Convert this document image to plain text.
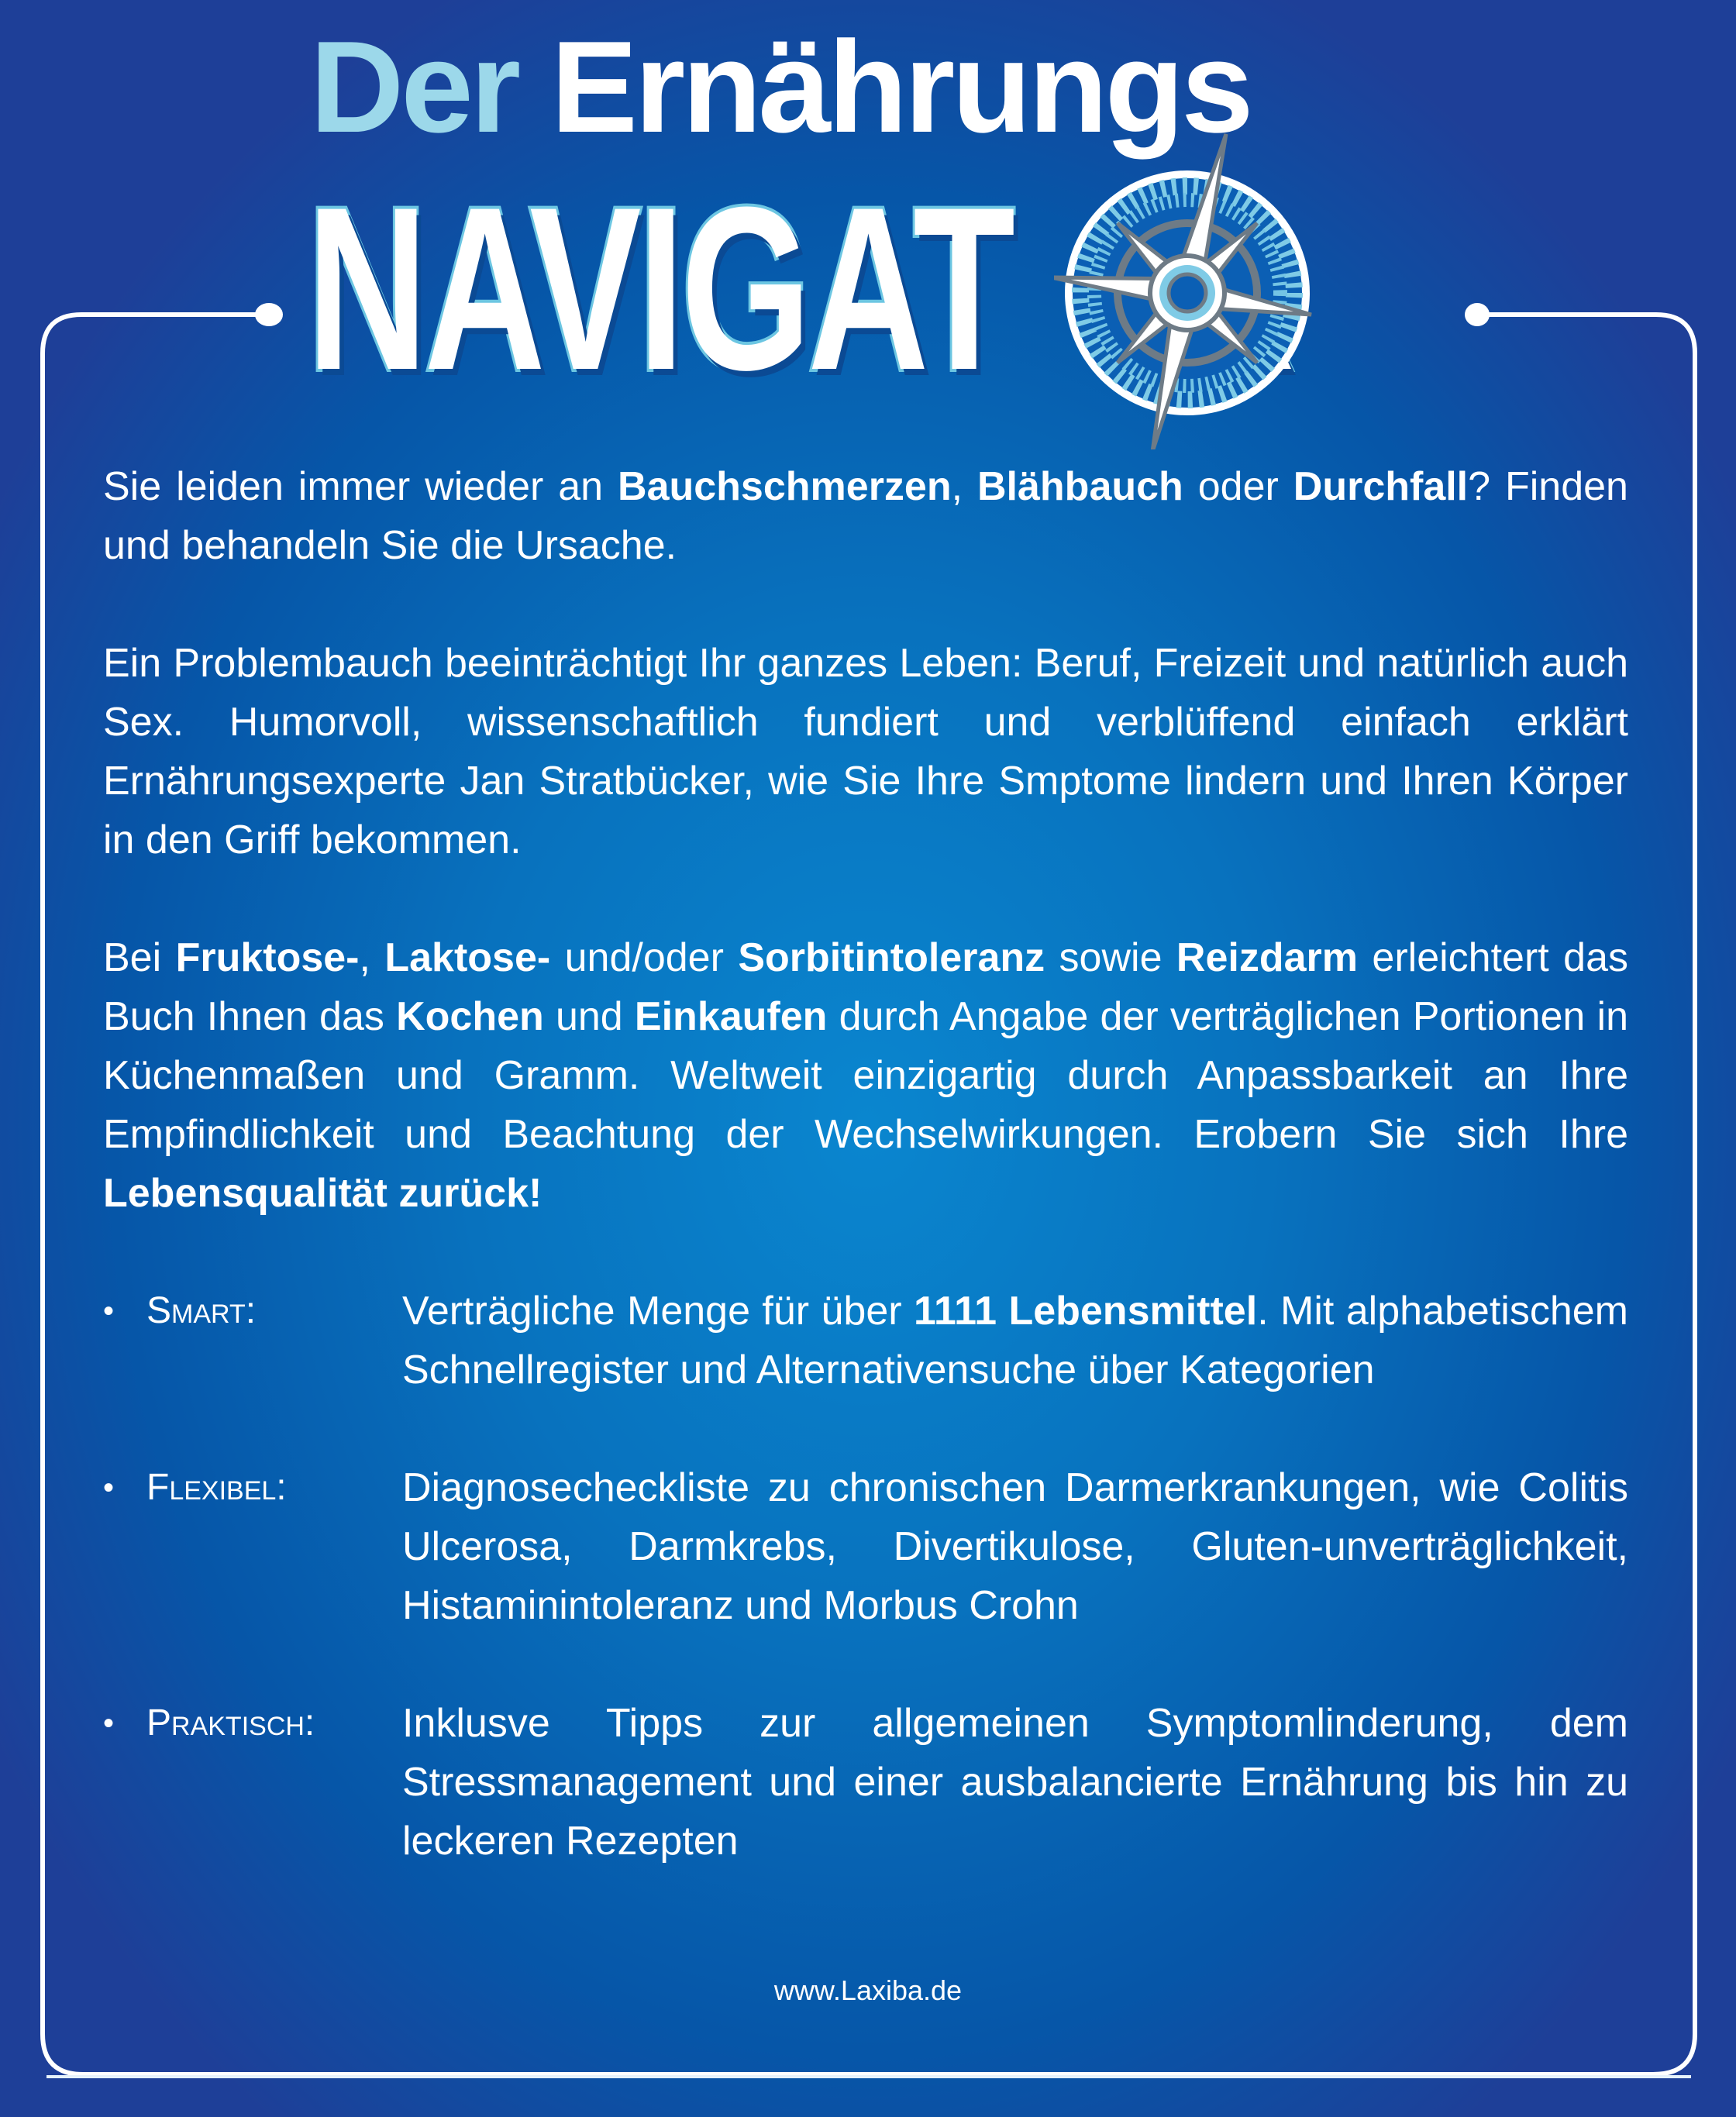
Der Ernährungs
NAVIGAT

Sie leiden immer wieder an Bauchschmerzen, Blähbauch oder Durchfall? Finden und behandeln Sie die Ursache.

Ein Problembauch beeinträchtigt Ihr ganzes Leben: Beruf, Freizeit und natürlich auch Sex. Humorvoll, wissenschaftlich fundiert und verblüffend einfach erklärt Ernährungsexperte Jan Stratbücker, wie Sie Ihre Smptome lindern und Ihren Körper in den Griff bekommen.

Bei Fruktose-, Laktose- und/oder Sorbitintoleranz sowie Reizdarm erleichtert das Buch Ihnen das Kochen und Einkaufen durch Angabe der verträglichen Portionen in Küchenmaßen und Gramm. Weltweit einzigartig durch Anpassbarkeit an Ihre Empfindlichkeit und Beachtung der Wechselwirkungen. Erobern Sie sich Ihre Lebensqualität zurück!

• Smart:	Verträgliche Menge für über 1111 Lebensmittel. Mit alphabetischem Schnellregister und Alternativensuche über Kategorien
• Flexibel:	Diagnosecheckliste zu chronischen Darmerkrankungen, wie Colitis Ulcerosa, Darmkrebs, Divertikulose, Gluten-unverträglichkeit, Histaminintoleranz und Morbus Crohn
• Praktisch:	Inklusve Tipps zur allgemeinen Symptomlinderung, dem Stressmanagement und einer ausbalancierte Ernährung bis hin zu leckeren Rezepten
www.Laxiba.de
